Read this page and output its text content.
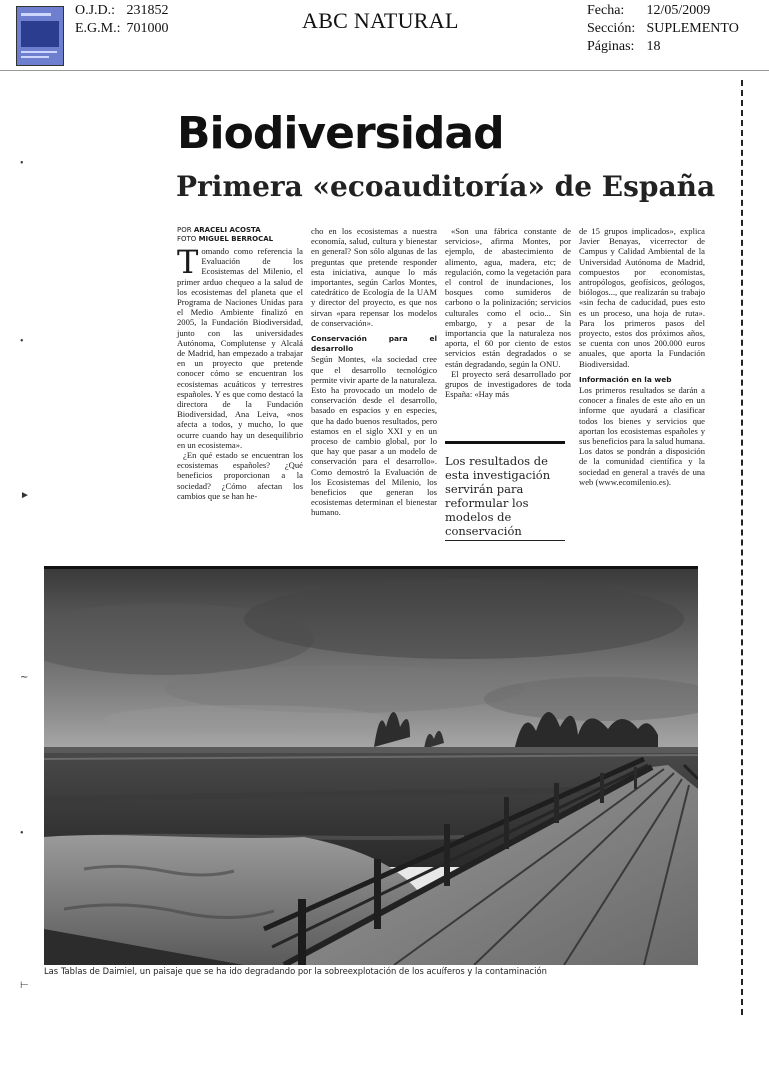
O.J.D.: 231852
E.G.M.: 701000	ABC NATURAL	Fecha: 12/05/2009
Sección: SUPLEMENTO
Páginas: 18
•
•
►
∼
•
⊢
Biodiversidad
Primera «ecoauditoría» de España
POR ARACELI ACOSTA
FOTO MIGUEL BERROCAL

Tomando como referencia la Evaluación de los Ecosistemas del Milenio, el primer arduo chequeo a la salud de los ecosistemas del planeta que el Programa de Naciones Unidas para el Medio Ambiente finalizó en 2005, la Fundación Biodiversidad, junto con las universidades Autónoma, Complutense y Alcalá de Madrid, han empezado a trabajar en un proyecto que pretende conocer cómo se encuentran los ecosistemas acuáticos y terrestres españoles. Y es que como destacó la directora de la Fundación Biodiversidad, Ana Leiva, «nos afecta a todos, y mucho, lo que ocurre cuando hay un desequilibrio en un ecosistema».

¿En qué estado se encuentran los ecosistemas españoles? ¿Qué beneficios proporcionan a la sociedad? ¿Cómo afectan los cambios que se han he-

cho en los ecosistemas a nuestra economía, salud, cultura y bienestar en general? Son sólo algunas de las preguntas que pretende responder esta iniciativa, aunque lo más importantes, según Carlos Montes, catedrático de Ecología de la UAM y director del proyecto, es que nos sirvan «para repensar los modelos de conservación».

Conservación para el desarrollo

Según Montes, «la sociedad cree que el desarrollo tecnológico permite vivir aparte de la naturaleza. Esto ha provocado un modelo de conservación desde el desarrollo, basado en espacios y en especies, que ha dado buenos resultados, pero estamos en el siglo XXI y en un proceso de cambio global, por lo que hay que pasar a un modelo de conservación para el desarrollo». Como demostró la Evaluación de los Ecosistemas del Milenio, los beneficios que generan los ecosistemas determinan el bienestar humano.

«Son una fábrica constante de servicios», afirma Montes, por ejemplo, de abastecimiento de alimento, agua, madera, etc; de regulación, como la vegetación para el control de inundaciones, los bosques como sumideros de carbono o la polinización; servicios culturales como el ocio... Sin embargo, y a pesar de la importancia que la naturaleza nos aporta, el 60 por ciento de estos servicios están degradados o se están degradando, según la ONU.

El proyecto será desarrollado por grupos de investigadores de toda España: «Hay más

Los resultados de esta investigación servirán para reformular los modelos de conservación

de 15 grupos implicados», explica Javier Benayas, vicerrector de Campus y Calidad Ambiental de la Universidad Autónoma de Madrid, compuestos por economistas, antropólogos, geofísicos, geólogos, biólogos..., que realizarán su trabajo «sin fecha de caducidad, pues esto es un proceso, una hoja de ruta». Para los primeros pasos del proyecto, estos dos próximos años, se cuenta con unos 200.000 euros anuales, que aporta la Fundación Biodiversidad.

Información en la web

Los primeros resultados se darán a conocer a finales de este año en un informe que ayudará a clasificar todos los bienes y servicios que aportan los ecosistemas españoles y sus beneficios para la salud humana. Los datos se pondrán a disposición de la comunidad científica y la sociedad en general a través de una web (www.ecomilenio.es).

Las Tablas de Daimiel, un paisaje que se ha ido degradando por la sobreexplotación de los acuíferos y la contaminación
